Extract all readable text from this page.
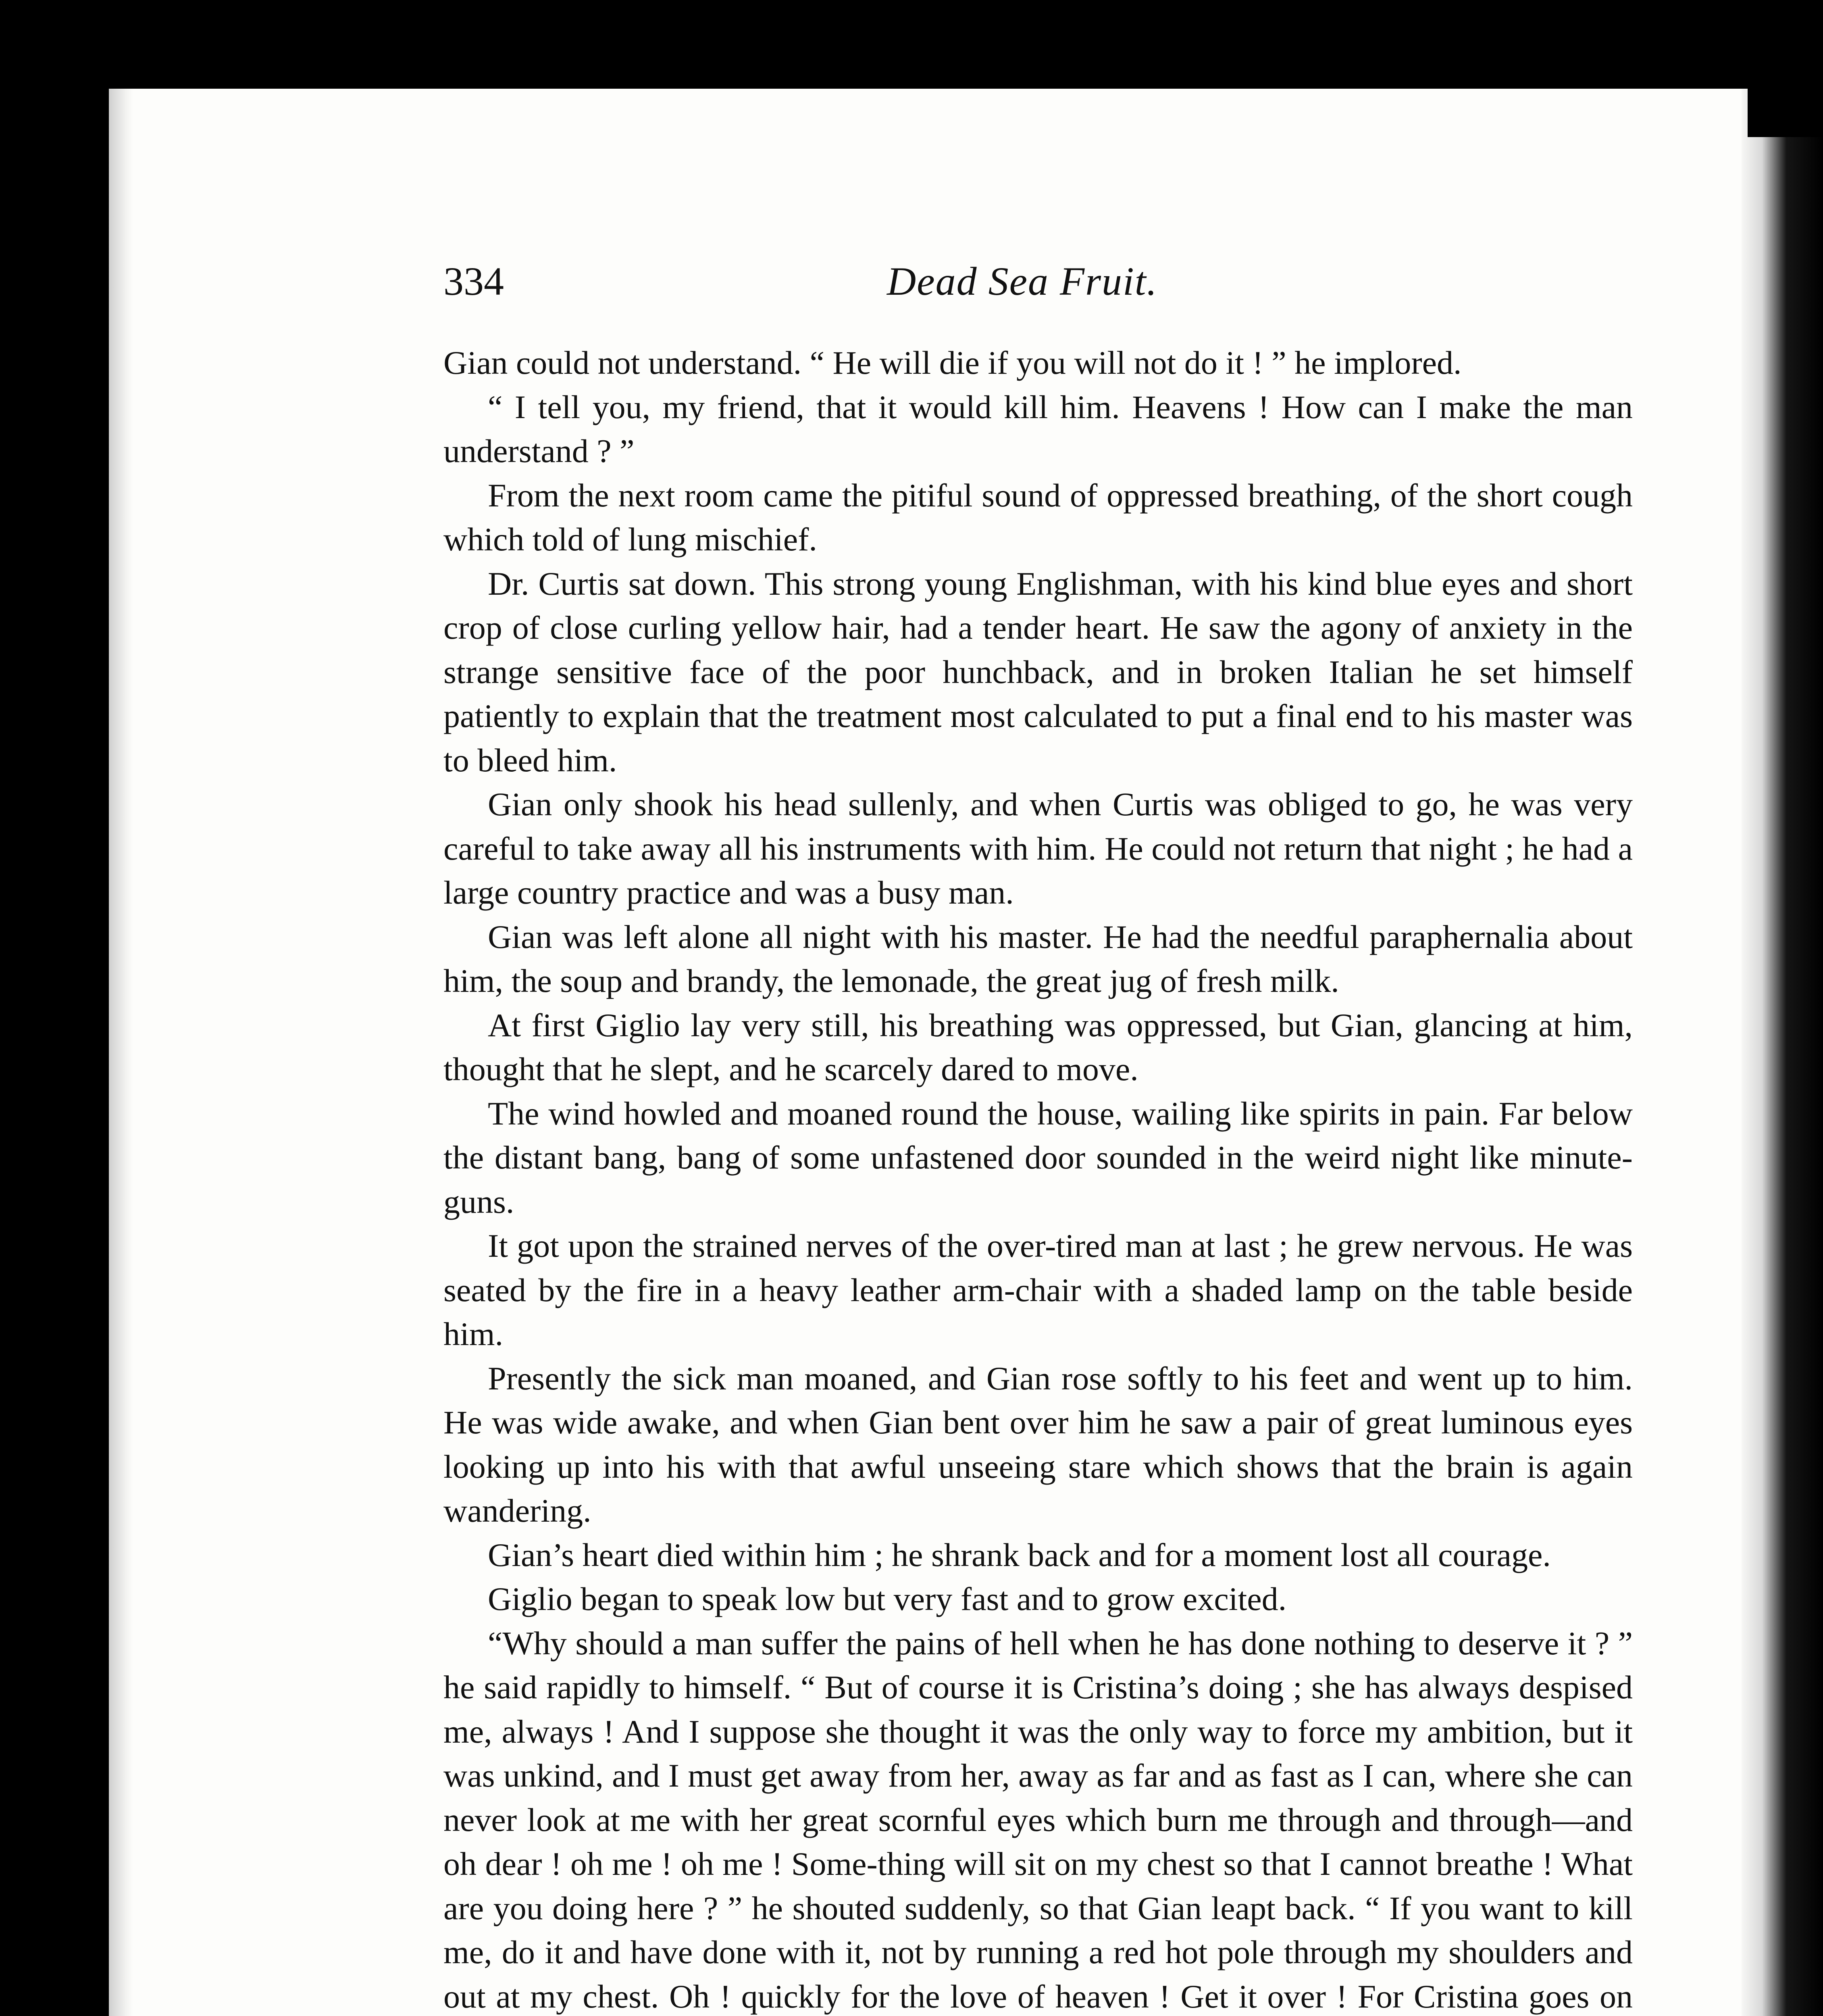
334	Dead Sea Fruit.

Gian could not understand. “ He will die if you will not do it ! ” he implored.

“ I tell you, my friend, that it would kill him. Heavens ! How can I make the man understand ? ”

From the next room came the pitiful sound of oppressed breathing, of the short cough which told of lung mischief.

Dr. Curtis sat down. This strong young Englishman, with his kind blue eyes and short crop of close curling yellow hair, had a tender heart. He saw the agony of anxiety in the strange sensitive face of the poor hunchback, and in broken Italian he set himself patiently to explain that the treatment most calculated to put a final end to his master was to bleed him.

Gian only shook his head sullenly, and when Curtis was obliged to go, he was very careful to take away all his instruments with him. He could not return that night ; he had a large country practice and was a busy man.

Gian was left alone all night with his master. He had the needful paraphernalia about him, the soup and brandy, the lemonade, the great jug of fresh milk.

At first Giglio lay very still, his breathing was oppressed, but Gian, glancing at him, thought that he slept, and he scarcely dared to move.

The wind howled and moaned round the house, wailing like spirits in pain. Far below the distant bang, bang of some unfastened door sounded in the weird night like minute-guns.

It got upon the strained nerves of the over-tired man at last ; he grew nervous. He was seated by the fire in a heavy leather arm-chair with a shaded lamp on the table beside him.

Presently the sick man moaned, and Gian rose softly to his feet and went up to him. He was wide awake, and when Gian bent over him he saw a pair of great luminous eyes looking up into his with that awful unseeing stare which shows that the brain is again wandering.

Gian’s heart died within him ; he shrank back and for a moment lost all courage.

Giglio began to speak low but very fast and to grow excited.

“Why should a man suffer the pains of hell when he has done nothing to deserve it ? ” he said rapidly to himself. “ But of course it is Cristina’s doing ; she has always despised me, always ! And I suppose she thought it was the only way to force my ambition, but it was unkind, and I must get away from her, away as far and as fast as I can, where she can never look at me with her great scornful eyes which burn me through and through—and oh dear ! oh me ! oh me ! Some-thing will sit on my chest so that I cannot breathe ! What are you doing here ? ” he shouted suddenly, so that Gian leapt back. “ If you want to kill me, do it and have done with it, not by running a red hot pole through my shoulders and out at my chest. Oh ! quickly for the love of heaven ! Get it over ! For Cristina goes on
